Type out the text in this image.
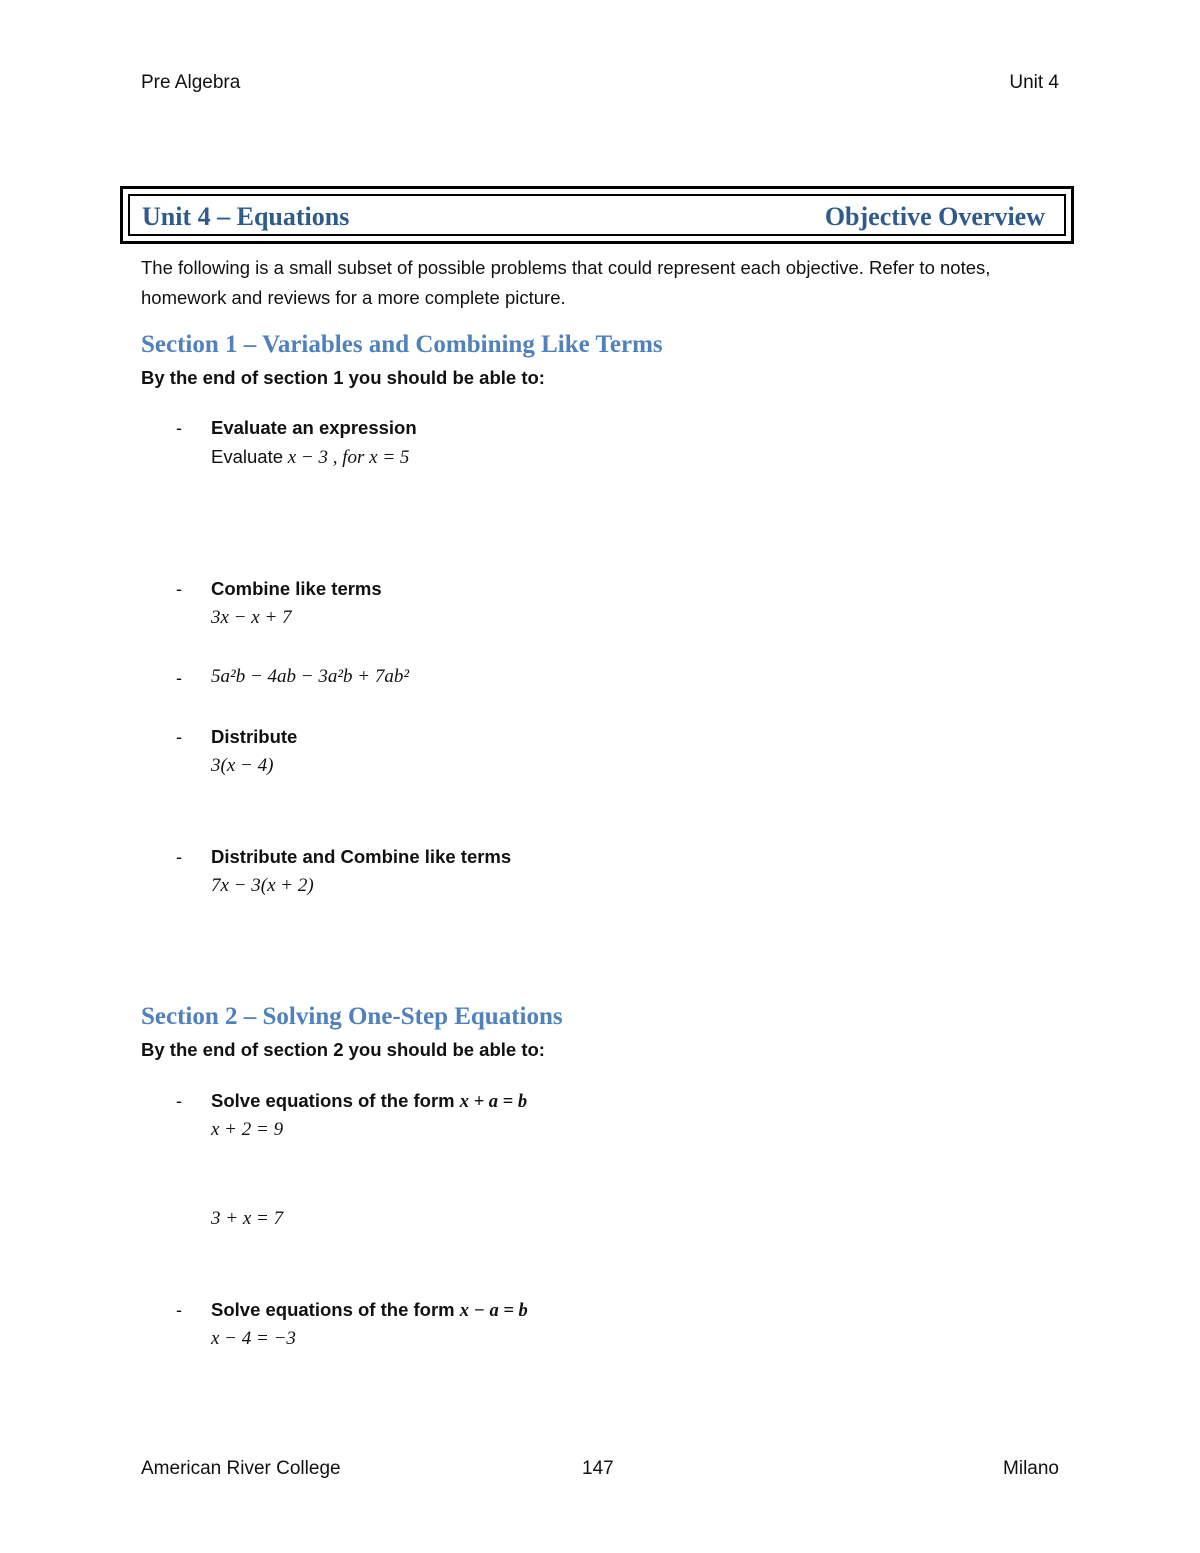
Pre Algebra	Unit 4
Unit 4 – Equations	Objective Overview
The following is a small subset of possible problems that could represent each objective. Refer to notes, homework and reviews for a more complete picture.
Section 1 – Variables and Combining Like Terms
By the end of section 1 you should be able to:
- Evaluate an expression
Evaluate x − 3 , for x = 5
- Combine like terms
3x − x + 7
- 5a²b − 4ab − 3a²b + 7ab²
- Distribute
3(x − 4)
- Distribute and Combine like terms
7x − 3(x + 2)
Section 2 – Solving One-Step Equations
By the end of section 2 you should be able to:
- Solve equations of the form x + a = b
x + 2 = 9
3 + x = 7
- Solve equations of the form x − a = b
x − 4 = −3
American River College	147	Milano
